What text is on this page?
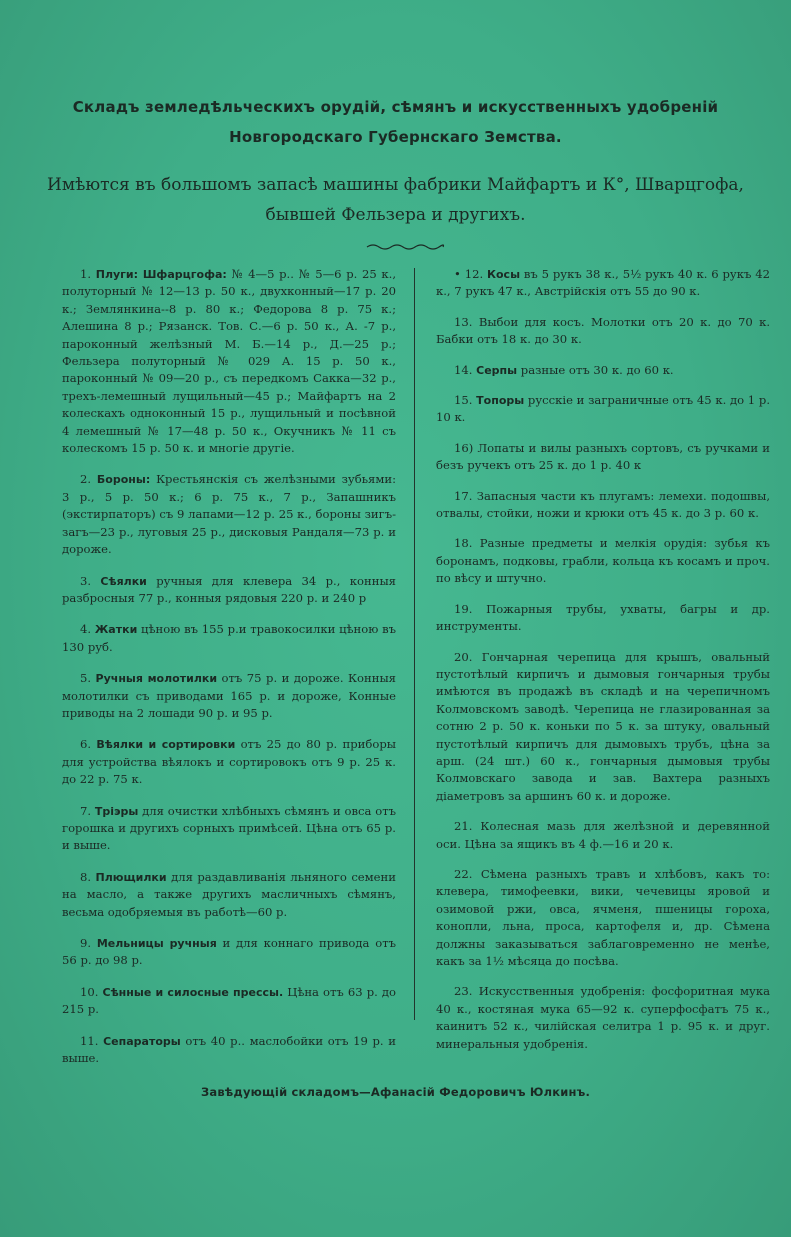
Складъ земледѣльческихъ орудій, сѣмянъ и искусственныхъ удобреній Новгородскаго Губернскаго Земства.
Имѣются въ большомъ запасѣ машины фабрики Майфартъ и К°, Шварцгофа, бывшей Фельзера и другихъ.
1. Плуги: Шфарцгофа: № 4—5 р.. № 5—6 р. 25 к., полуторный № 12—13 р. 50 к., двухконный—17 р. 20 к.; Землянкина--8 р. 80 к.; Федорова 8 р. 75 к.; Алешина 8 р.; Рязанск. Тов. С.—6 р. 50 к., А. -7 р., пароконный желѣзный М. Б.—14 р., Д.—25 р.; Фельзера полуторный № 029 А. 15 р. 50 к., пароконный № 09—20 р., съ передкомъ Сакка—32 р., трехъ-лемешный лущильный—45 р.; Майфартъ на 2 колескахъ одноконный 15 р., лущильный и посѣвной 4 лемешный № 17—48 р. 50 к., Окучникъ № 11 съ колескомъ 15 р. 50 к. и многіе другіе.
2. Бороны: Крестьянскія съ желѣзными зубьями: 3 р., 5 р. 50 к.; 6 р. 75 к., 7 р., Запашникъ (экстирпаторъ) съ 9 лапами—12 р. 25 к., бороны зигъ-загъ—23 р., луговыя 25 р., дисковыя Рандаля—73 р. и дороже.
3. Сѣялки ручныя для клевера 34 р., конныя разбросныя 77 р., конныя рядовыя 220 р. и 240 р
4. Жатки цѣною въ 155 р.и травокосилки цѣною въ 130 руб.
5. Ручныя молотилки отъ 75 р. и дороже. Конныя молотилки съ приводами 165 р. и дороже, Конные приводы на 2 лошади 90 р. и 95 р.
6. Вѣялки и сортировки отъ 25 до 80 р. приборы для устройства вѣялокъ и сортировокъ отъ 9 р. 25 к. до 22 р. 75 к.
7. Тріэры для очистки хлѣбныхъ сѣмянъ и овса отъ горошка и другихъ сорныхъ примѣсей. Цѣна отъ 65 р. и выше.
8. Плющилки для раздавливанія льняного семени на масло, а также другихъ масличныхъ сѣмянъ, весьма одобряемыя въ работѣ—60 р.
9. Мельницы ручныя и для коннаго привода отъ 56 р. до 98 р.
10. Сѣнные и силосные прессы. Цѣна отъ 63 р. до 215 р.
11. Сепараторы отъ 40 р.. маслобойки отъ 19 р. и выше.
• 12. Косы въ 5 рукъ 38 к., 5½ рукъ 40 к. 6 рукъ 42 к., 7 рукъ 47 к., Австрійскія отъ 55 до 90 к.
13. Выбои для косъ. Молотки отъ 20 к. до 70 к. Бабки отъ 18 к. до 30 к.
14. Серпы разные отъ 30 к. до 60 к.
15. Топоры русскіе и заграничные отъ 45 к. до 1 р. 10 к.
16) Лопаты и вилы разныхъ сортовъ, съ ручками и безъ ручекъ отъ 25 к. до 1 р. 40 к
17. Запасныя части къ плугамъ: лемехи. подошвы, отвалы, стойки, ножи и крюки отъ 45 к. до 3 р. 60 к.
18. Разные предметы и мелкія орудія: зубья къ боронамъ, подковы, грабли, кольца къ косамъ и проч. по вѣсу и штучно.
19. Пожарныя трубы, ухваты, багры и др. инструменты.
20. Гончарная черепица для крышъ, овальный пустотѣлый кирпичъ и дымовыя гончарныя трубы имѣются въ продажѣ въ складѣ и на черепичномъ Колмовскомъ заводѣ. Черепица не глазированная за сотню 2 р. 50 к. коньки по 5 к. за штуку, овальный пустотѣлый кирпичъ для дымовыхъ трубъ, цѣна за арш. (24 шт.) 60 к., гончарныя дымовыя трубы Колмовскаго завода и зав. Вахтера разныхъ діаметровъ за аршинъ 60 к. и дороже.
21. Колесная мазь для желѣзной и деревянной оси. Цѣна за ящикъ въ 4 ф.—16 и 20 к.
22. Сѣмена разныхъ травъ и хлѣбовъ, какъ то: клевера, тимофеевки, вики, чечевицы яровой и озимовой ржи, овса, ячменя, пшеницы гороха, конопли, льна, проса, картофеля и, др. Сѣмена должны заказываться заблаговременно не менѣе, какъ за 1½ мѣсяца до посѣва.
23. Искусственныя удобренія: фосфоритная мука 40 к., костяная мука 65—92 к. суперфосфатъ 75 к., каинитъ 52 к., чилійская селитра 1 р. 95 к. и друг. минеральныя удобренія.
Завѣдующій складомъ—Афанасій Федоровичъ Юлкинъ.
